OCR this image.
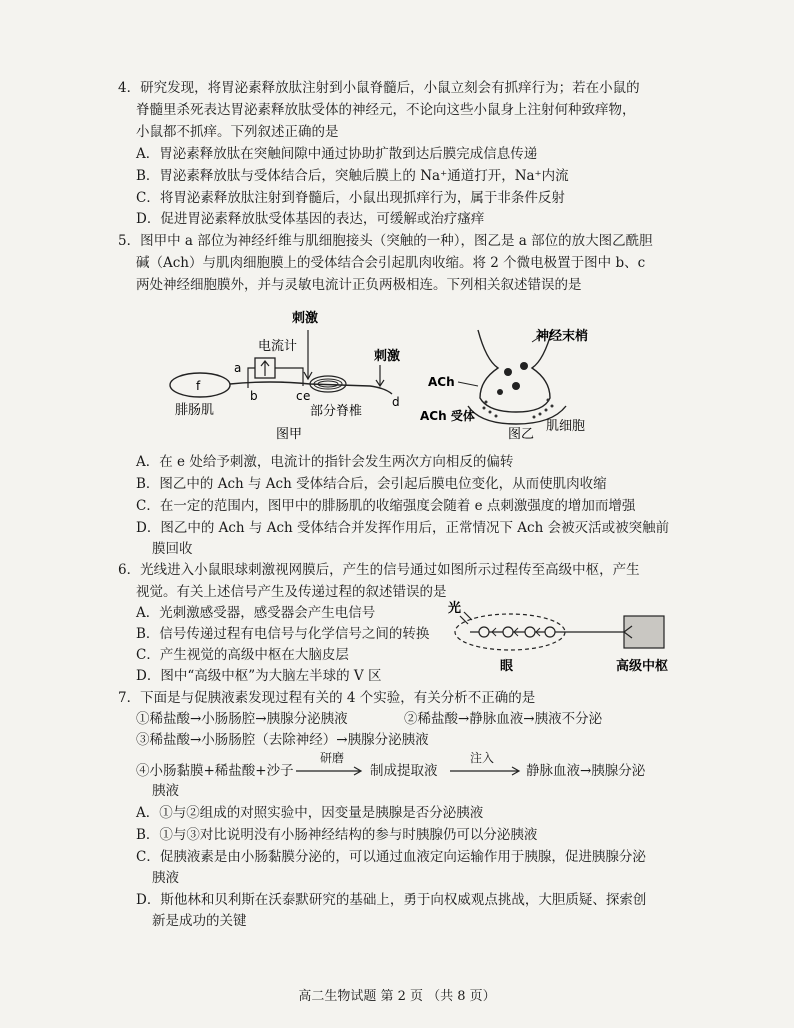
4．研究发现，将胃泌素释放肽注射到小鼠脊髓后，小鼠立刻会有抓痒行为；若在小鼠的
脊髓里杀死表达胃泌素释放肽受体的神经元，不论向这些小鼠身上注射何种致痒物，
小鼠都不抓痒。下列叙述正确的是
A．胃泌素释放肽在突触间隙中通过协助扩散到达后膜完成信息传递
B．胃泌素释放肽与受体结合后，突触后膜上的 Na⁺通道打开，Na⁺内流
C．将胃泌素释放肽注射到脊髓后，小鼠出现抓痒行为，属于非条件反射
D．促进胃泌素释放肽受体基因的表达，可缓解或治疗瘙痒
5．图甲中 a 部位为神经纤维与肌细胞接头（突触的一种），图乙是 a 部位的放大图乙酰胆
碱（Ach）与肌肉细胞膜上的受体结合会引起肌肉收缩。将 2 个微电极置于图中 b、c
两处神经细胞膜外，并与灵敏电流计正负两极相连。下列相关叙述错误的是
刺激
电流计
刺激
a
b	c e	d
f
腓肠肌	部分脊椎
图甲
神经末梢
ACh
ACh 受体
肌细胞
图乙
A．在 e 处给予刺激，电流计的指针会发生两次方向相反的偏转
B．图乙中的 Ach 与 Ach 受体结合后，会引起后膜电位变化，从而使肌肉收缩
C．在一定的范围内，图甲中的腓肠肌的收缩强度会随着 e 点刺激强度的增加而增强
D．图乙中的 Ach 与 Ach 受体结合并发挥作用后，正常情况下 Ach 会被灭活或被突触前
膜回收
6．光线进入小鼠眼球刺激视网膜后，产生的信号通过如图所示过程传至高级中枢，产生
视觉。有关上述信号产生及传递过程的叙述错误的是
A．光刺激感受器，感受器会产生电信号
B．信号传递过程有电信号与化学信号之间的转换
C．产生视觉的高级中枢在大脑皮层
D．图中“高级中枢”为大脑左半球的 V 区
光
眼	高级中枢
7．下面是与促胰液素发现过程有关的 4 个实验，有关分析不正确的是
①稀盐酸→小肠肠腔→胰腺分泌胰液	②稀盐酸→静脉血液→胰液不分泌
③稀盐酸→小肠肠腔（去除神经）→胰腺分泌胰液
④小肠黏膜+稀盐酸+沙子
研磨
制成提取液
注入
静脉血液→胰腺分泌
胰液
A．①与②组成的对照实验中，因变量是胰腺是否分泌胰液
B．①与③对比说明没有小肠神经结构的参与时胰腺仍可以分泌胰液
C．促胰液素是由小肠黏膜分泌的，可以通过血液定向运输作用于胰腺，促进胰腺分泌
胰液
D．斯他林和贝利斯在沃泰默研究的基础上，勇于向权威观点挑战，大胆质疑、探索创
新是成功的关键
高二生物试题 第 2 页 （共 8 页）
